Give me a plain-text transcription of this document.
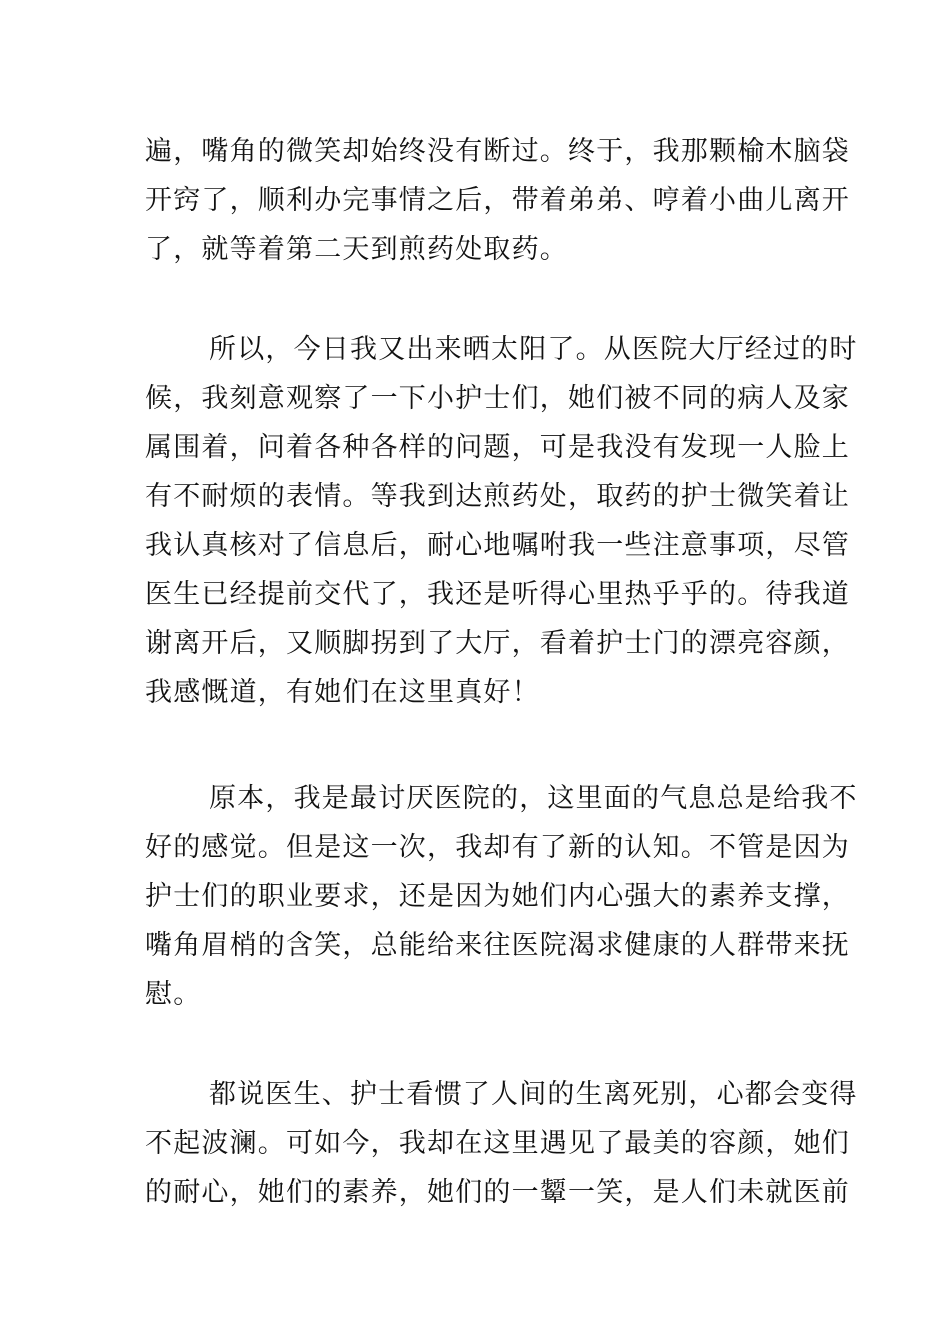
遍，嘴角的微笑却始终没有断过。终于，我那颗榆木脑袋
开窍了，顺利办完事情之后，带着弟弟、哼着小曲儿离开
了，就等着第二天到煎药处取药。
所以，今日我又出来晒太阳了。从医院大厅经过的时
候，我刻意观察了一下小护士们，她们被不同的病人及家
属围着，问着各种各样的问题，可是我没有发现一人脸上
有不耐烦的表情。等我到达煎药处，取药的护士微笑着让
我认真核对了信息后，耐心地嘱咐我一些注意事项，尽管
医生已经提前交代了，我还是听得心里热乎乎的。待我道
谢离开后，又顺脚拐到了大厅，看着护士门的漂亮容颜，
我感慨道，有她们在这里真好！
原本，我是最讨厌医院的，这里面的气息总是给我不
好的感觉。但是这一次，我却有了新的认知。不管是因为
护士们的职业要求，还是因为她们内心强大的素养支撑，
嘴角眉梢的含笑，总能给来往医院渴求健康的人群带来抚
慰。
都说医生、护士看惯了人间的生离死别，心都会变得
不起波澜。可如今，我却在这里遇见了最美的容颜，她们
的耐心，她们的素养，她们的一颦一笑，是人们未就医前
